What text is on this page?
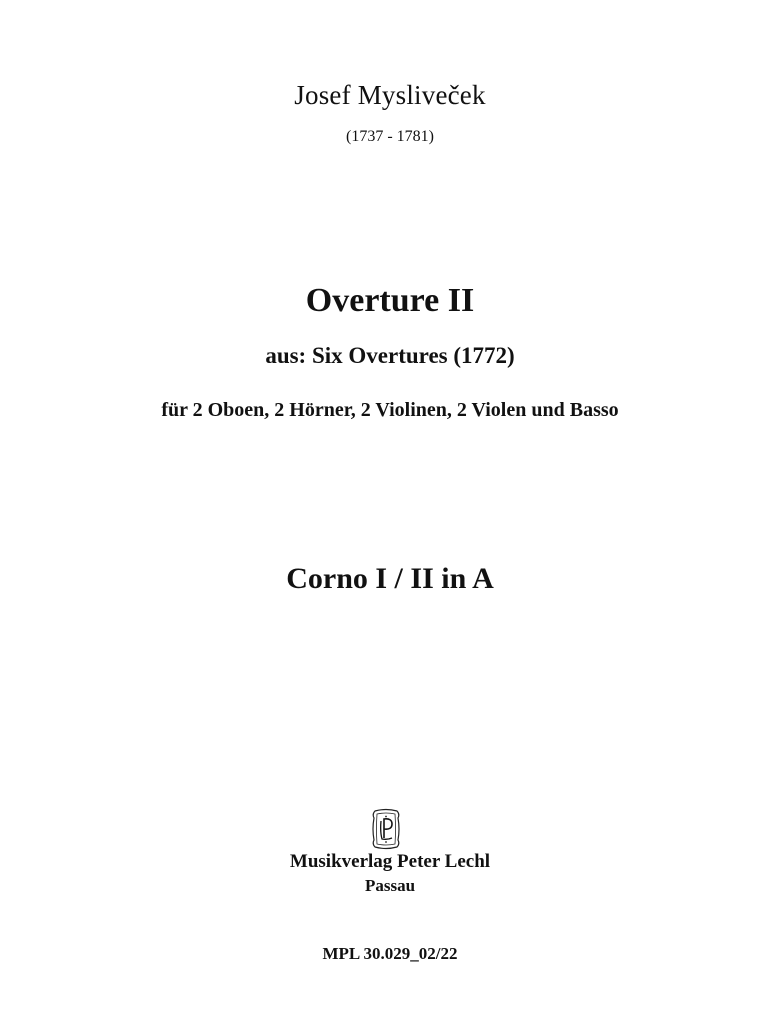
Josef Mysliveček
(1737 - 1781)
Overture II
aus: Six Overtures (1772)
für 2 Oboen, 2 Hörner, 2 Violinen, 2 Violen und Basso
Corno I / II in A
Musikverlag Peter Lechl
Passau
MPL 30.029_02/22
